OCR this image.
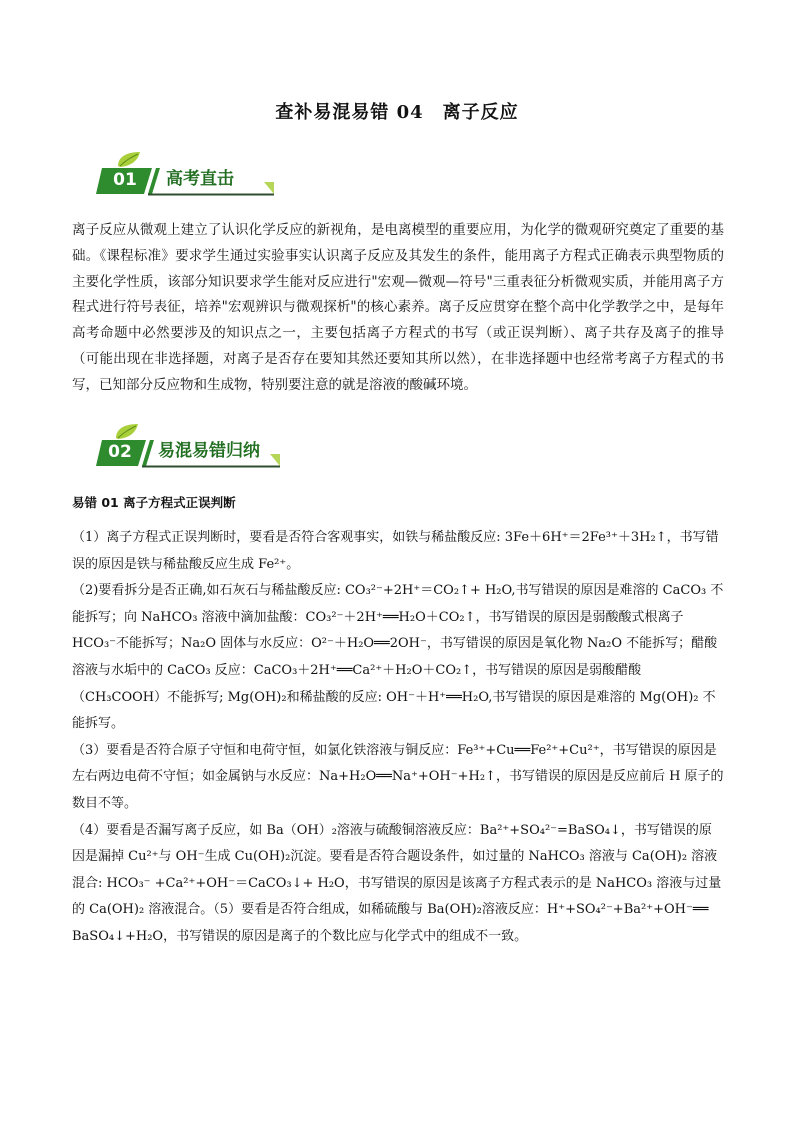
查补易混易错 04　离子反应
01	高考直击

离子反应从微观上建立了认识化学反应的新视角，是电离模型的重要应用，为化学的微观研究奠定了重要的基础。《课程标准》要求学生通过实验事实认识离子反应及其发生的条件，能用离子方程式正确表示典型物质的主要化学性质，该部分知识要求学生能对反应进行"宏观—微观—符号"三重表征分析微观实质，并能用离子方程式进行符号表征，培养"宏观辨识与微观探析"的核心素养。离子反应贯穿在整个高中化学教学之中，是每年高考命题中必然要涉及的知识点之一，主要包括离子方程式的书写（或正误判断）、离子共存及离子的推导（可能出现在非选择题，对离子是否存在要知其然还要知其所以然），在非选择题中也经常考离子方程式的书写，已知部分反应物和生成物，特别要注意的就是溶液的酸碱环境。

02	易混易错归纳
易错 01 离子方程式正误判断

（1）离子方程式正误判断时，要看是否符合客观事实，如铁与稀盐酸反应: 3Fe＋6H⁺＝2Fe³⁺＋3H₂↑，书写错误的原因是铁与稀盐酸反应生成 Fe²⁺。

（2)要看拆分是否正确,如石灰石与稀盐酸反应: CO₃²⁻+2H⁺＝CO₂↑+ H₂O,书写错误的原因是难溶的 CaCO₃ 不能拆写；向 NaHCO₃ 溶液中滴加盐酸：CO₃²⁻＋2H⁺══H₂O＋CO₂↑，书写错误的原因是弱酸酸式根离子 HCO₃⁻不能拆写；Na₂O 固体与水反应：O²⁻＋H₂O══2OH⁻，书写错误的原因是氧化物 Na₂O 不能拆写；醋酸溶液与水垢中的 CaCO₃ 反应：CaCO₃＋2H⁺══Ca²⁺＋H₂O＋CO₂↑，书写错误的原因是弱酸醋酸（CH₃COOH）不能拆写; Mg(OH)₂和稀盐酸的反应: OH⁻＋H⁺══H₂O,书写错误的原因是难溶的 Mg(OH)₂ 不能拆写。

（3）要看是否符合原子守恒和电荷守恒，如氯化铁溶液与铜反应：Fe³⁺+Cu══Fe²⁺+Cu²⁺，书写错误的原因是左右两边电荷不守恒；如金属钠与水反应：Na+H₂O══Na⁺+OH⁻+H₂↑，书写错误的原因是反应前后 H 原子的数目不等。

（4）要看是否漏写离子反应，如 Ba（OH）₂溶液与硫酸铜溶液反应：Ba²⁺+SO₄²⁻=BaSO₄↓，书写错误的原因是漏掉 Cu²⁺与 OH⁻生成 Cu(OH)₂沉淀。要看是否符合题设条件，如过量的 NaHCO₃ 溶液与 Ca(OH)₂ 溶液混合: HCO₃⁻ +Ca²⁺+OH⁻＝CaCO₃↓+ H₂O，书写错误的原因是该离子方程式表示的是 NaHCO₃ 溶液与过量的 Ca(OH)₂ 溶液混合。（5）要看是否符合组成，如稀硫酸与 Ba(OH)₂溶液反应：H⁺+SO₄²⁻+Ba²⁺+OH⁻══ BaSO₄↓+H₂O，书写错误的原因是离子的个数比应与化学式中的组成不一致。
